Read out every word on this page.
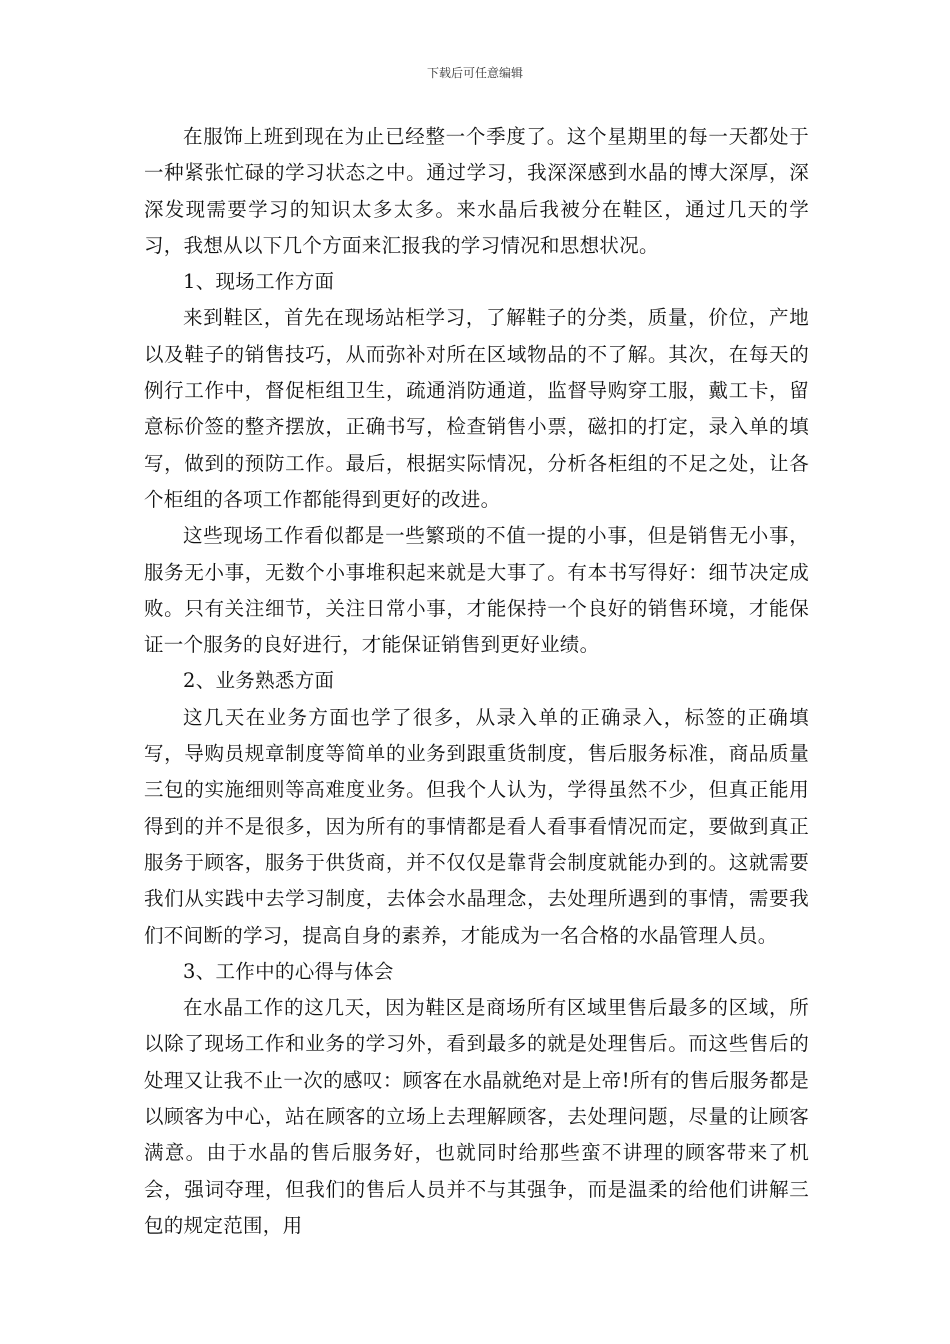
下载后可任意编辑

在服饰上班到现在为止已经整一个季度了。这个星期里的每一天都处于一种紧张忙碌的学习状态之中。通过学习，我深深感到水晶的博大深厚，深深发现需要学习的知识太多太多。来水晶后我被分在鞋区，通过几天的学习，我想从以下几个方面来汇报我的学习情况和思想状况。

1、现场工作方面

来到鞋区，首先在现场站柜学习，了解鞋子的分类，质量，价位，产地以及鞋子的销售技巧，从而弥补对所在区域物品的不了解。其次，在每天的例行工作中，督促柜组卫生，疏通消防通道，监督导购穿工服，戴工卡，留意标价签的整齐摆放，正确书写，检查销售小票，磁扣的打定，录入单的填写，做到的预防工作。最后，根据实际情况，分析各柜组的不足之处，让各个柜组的各项工作都能得到更好的改进。

这些现场工作看似都是一些繁琐的不值一提的小事，但是销售无小事，服务无小事，无数个小事堆积起来就是大事了。有本书写得好：细节决定成败。只有关注细节，关注日常小事，才能保持一个良好的销售环境，才能保证一个服务的良好进行，才能保证销售到更好业绩。

2、业务熟悉方面

这几天在业务方面也学了很多，从录入单的正确录入，标签的正确填写，导购员规章制度等简单的业务到跟重货制度，售后服务标准，商品质量三包的实施细则等高难度业务。但我个人认为，学得虽然不少，但真正能用得到的并不是很多，因为所有的事情都是看人看事看情况而定，要做到真正服务于顾客，服务于供货商，并不仅仅是靠背会制度就能办到的。这就需要我们从实践中去学习制度，去体会水晶理念，去处理所遇到的事情，需要我们不间断的学习，提高自身的素养，才能成为一名合格的水晶管理人员。

3、工作中的心得与体会

在水晶工作的这几天，因为鞋区是商场所有区域里售后最多的区域，所以除了现场工作和业务的学习外，看到最多的就是处理售后。而这些售后的处理又让我不止一次的感叹：顾客在水晶就绝对是上帝!所有的售后服务都是以顾客为中心，站在顾客的立场上去理解顾客，去处理问题，尽量的让顾客满意。由于水晶的售后服务好，也就同时给那些蛮不讲理的顾客带来了机会，强词夺理，但我们的售后人员并不与其强争，而是温柔的给他们讲解三包的规定范围，用
